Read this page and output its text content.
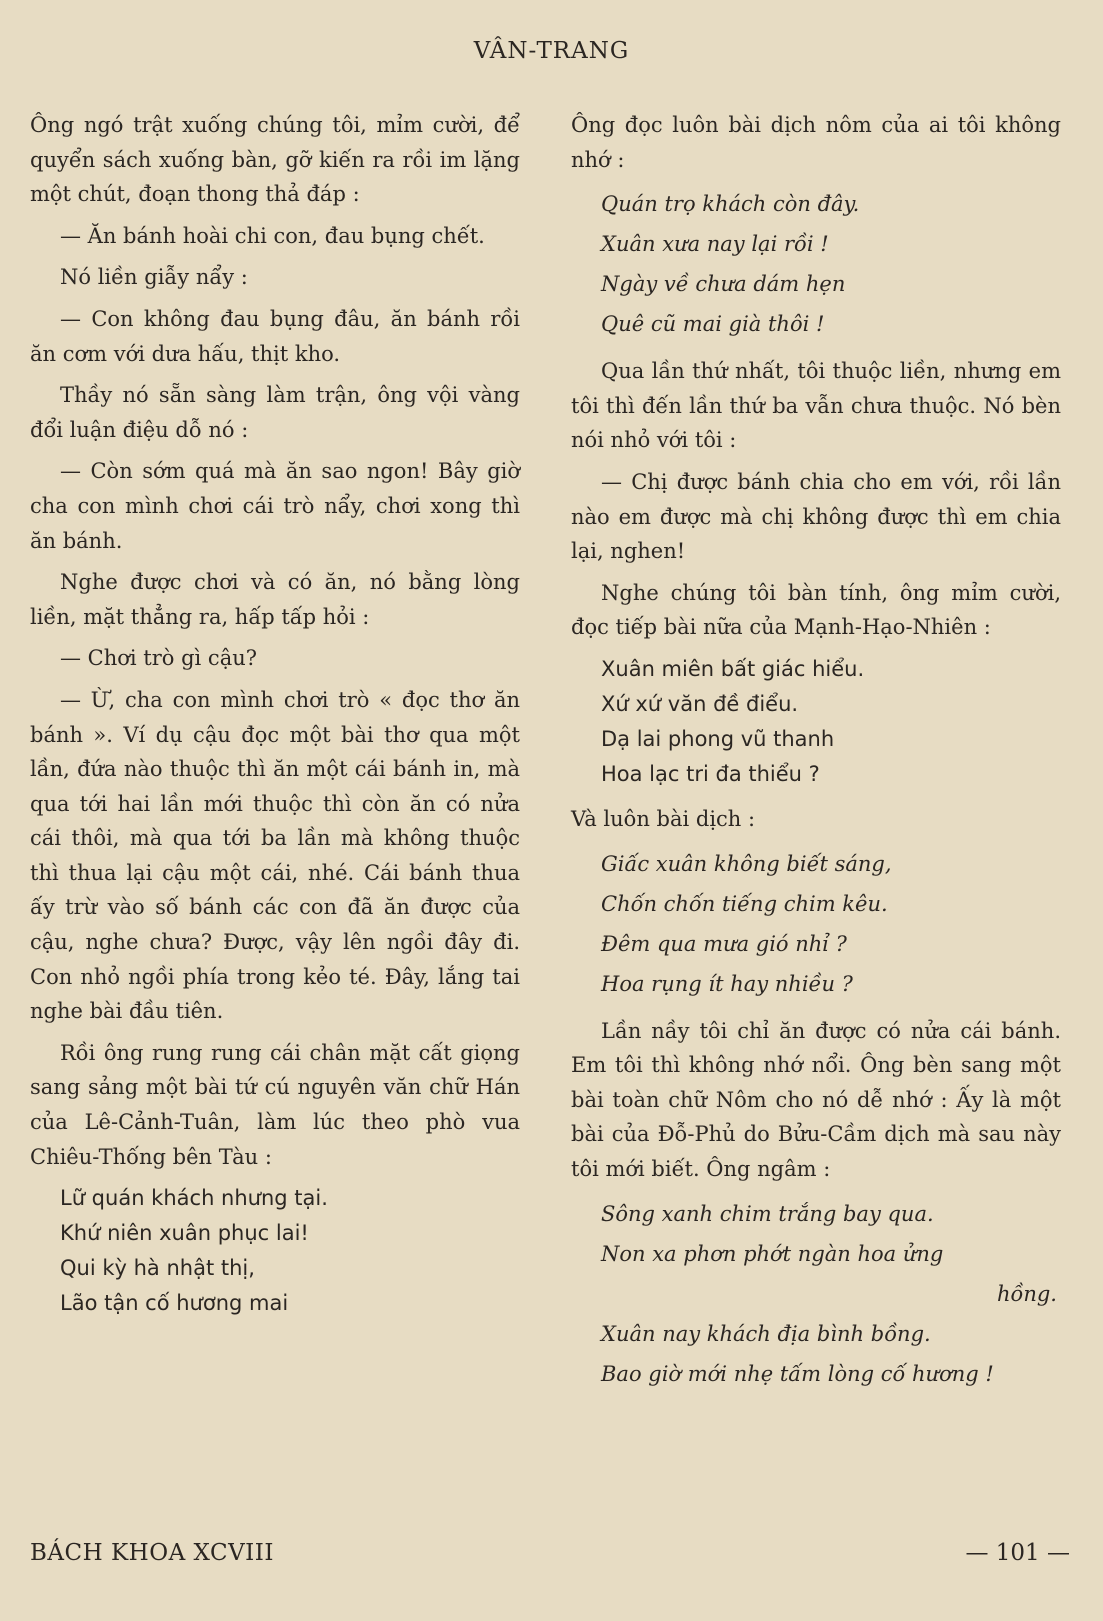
VÂN-TRANG

Ông ngó trật xuống chúng tôi, mỉm cười, để quyển sách xuống bàn, gỡ kiến ra rồi im lặng một chút, đoạn thong thả đáp :

— Ăn bánh hoài chi con, đau bụng chết.

Nó liền giẫy nẩy :

— Con không đau bụng đâu, ăn bánh rồi ăn cơm với dưa hấu, thịt kho.

Thầy nó sẵn sàng làm trận, ông vội vàng đổi luận điệu dỗ nó :

— Còn sớm quá mà ăn sao ngon! Bây giờ cha con mình chơi cái trò nẩy, chơi xong thì ăn bánh.

Nghe được chơi và có ăn, nó bằng lòng liền, mặt thẳng ra, hấp tấp hỏi :

— Chơi trò gì cậu?

— Ừ, cha con mình chơi trò « đọc thơ ăn bánh ». Ví dụ cậu đọc một bài thơ qua một lần, đứa nào thuộc thì ăn một cái bánh in, mà qua tới hai lần mới thuộc thì còn ăn có nửa cái thôi, mà qua tới ba lần mà không thuộc thì thua lại cậu một cái, nhé. Cái bánh thua ấy trừ vào số bánh các con đã ăn được của cậu, nghe chưa? Được, vậy lên ngồi đây đi. Con nhỏ ngồi phía trong kẻo té. Đây, lắng tai nghe bài đầu tiên.

Rồi ông rung rung cái chân mặt cất giọng sang sảng một bài tứ cú nguyên văn chữ Hán của Lê-Cảnh-Tuân, làm lúc theo phò vua Chiêu-Thống bên Tàu :

Lữ quán khách nhưng tại.
Khứ niên xuân phục lai!
Qui kỳ hà nhật thị,
Lão tận cố hương mai

Ông đọc luôn bài dịch nôm của ai tôi không nhớ :

Quán trọ khách còn đây.
Xuân xưa nay lại rồi !
Ngày về chưa dám hẹn
Quê cũ mai già thôi !

Qua lần thứ nhất, tôi thuộc liền, nhưng em tôi thì đến lần thứ ba vẫn chưa thuộc. Nó bèn nói nhỏ với tôi :

— Chị được bánh chia cho em với, rồi lần nào em được mà chị không được thì em chia lại, nghen!

Nghe chúng tôi bàn tính, ông mỉm cười, đọc tiếp bài nữa của Mạnh-Hạo-Nhiên :

Xuân miên bất giác hiểu.
Xứ xứ văn đề điểu.
Dạ lai phong vũ thanh
Hoa lạc tri đa thiểu ?

Và luôn bài dịch :

Giấc xuân không biết sáng,
Chốn chốn tiếng chim kêu.
Đêm qua mưa gió nhỉ ?
Hoa rụng ít hay nhiều ?

Lần nầy tôi chỉ ăn được có nửa cái bánh. Em tôi thì không nhớ nổi. Ông bèn sang một bài toàn chữ Nôm cho nó dễ nhớ : Ấy là một bài của Đỗ-Phủ do Bửu-Cầm dịch mà sau này tôi mới biết. Ông ngâm :

Sông xanh chim trắng bay qua.
Non xa phơn phớt ngàn hoa ửng
hồng.
Xuân nay khách địa bình bồng.
Bao giờ mới nhẹ tấm lòng cố hương !
BÁCH KHOA XCVIII	— 101 —
